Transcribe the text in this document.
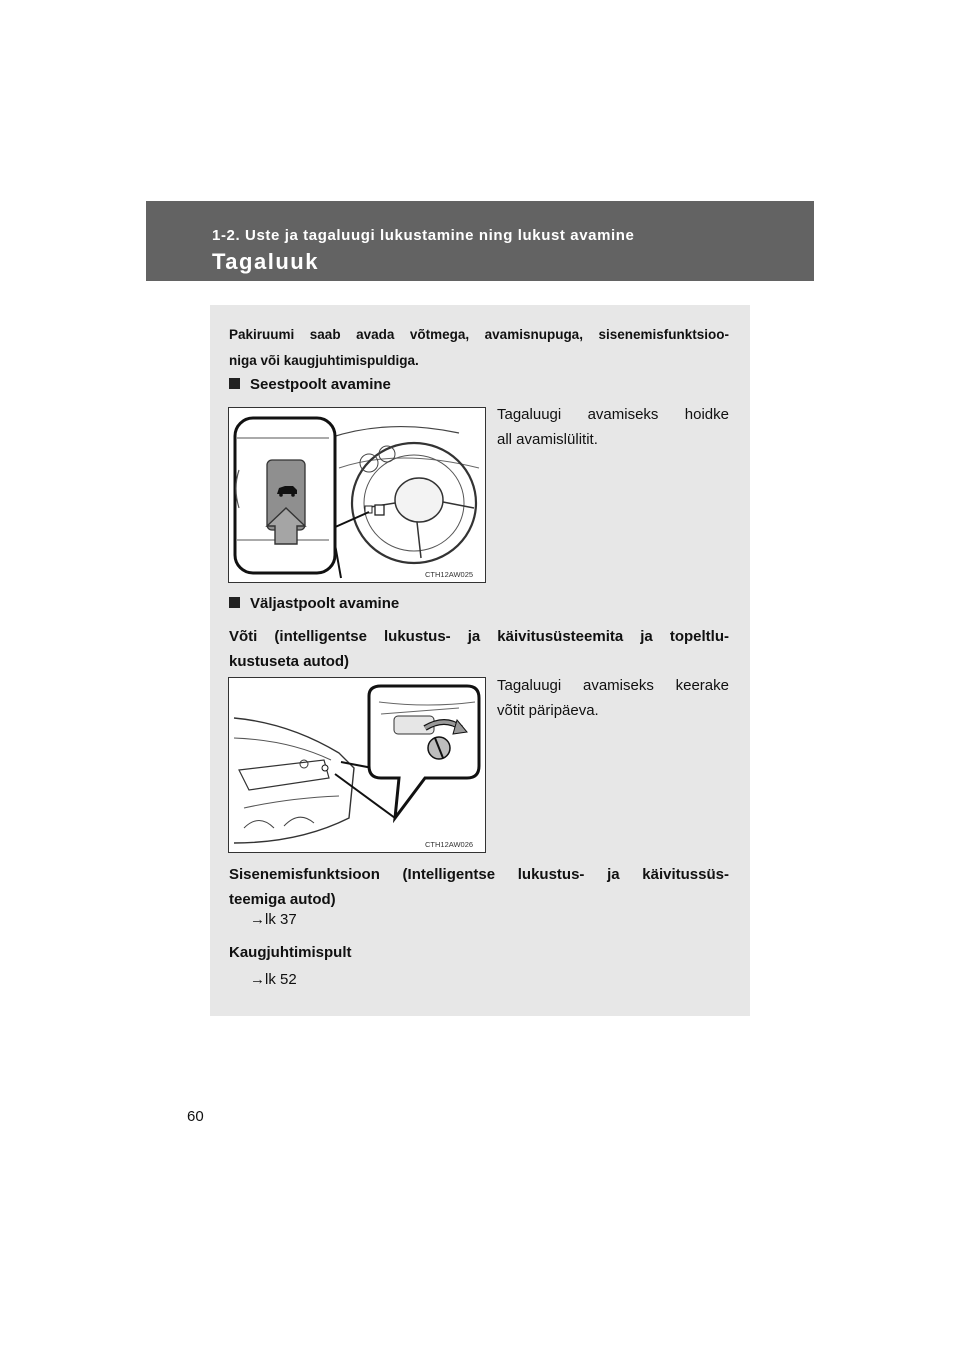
1-2. Uste ja tagaluugi lukustamine ning lukust avamine
Tagaluuk
Pakiruumi saab avada võtmega, avamisnupuga, sisenemisfunktsioo-
niga või kaugjuhtimispuldiga.
Seestpoolt avamine
CTH12AW025
Tagaluugi avamiseks hoidke
all avamislülitit.
Väljastpoolt avamine
Võti (intelligentse lukustus- ja käivitusüsteemita ja topeltlu-
kustuseta autod)
CTH12AW026
Tagaluugi avamiseks keerake
võtit päripäeva.
Sisenemisfunktsioon (Intelligentse lukustus- ja käivitussüs-
teemiga autod)
→lk 37
Kaugjuhtimispult
→lk 52
60
